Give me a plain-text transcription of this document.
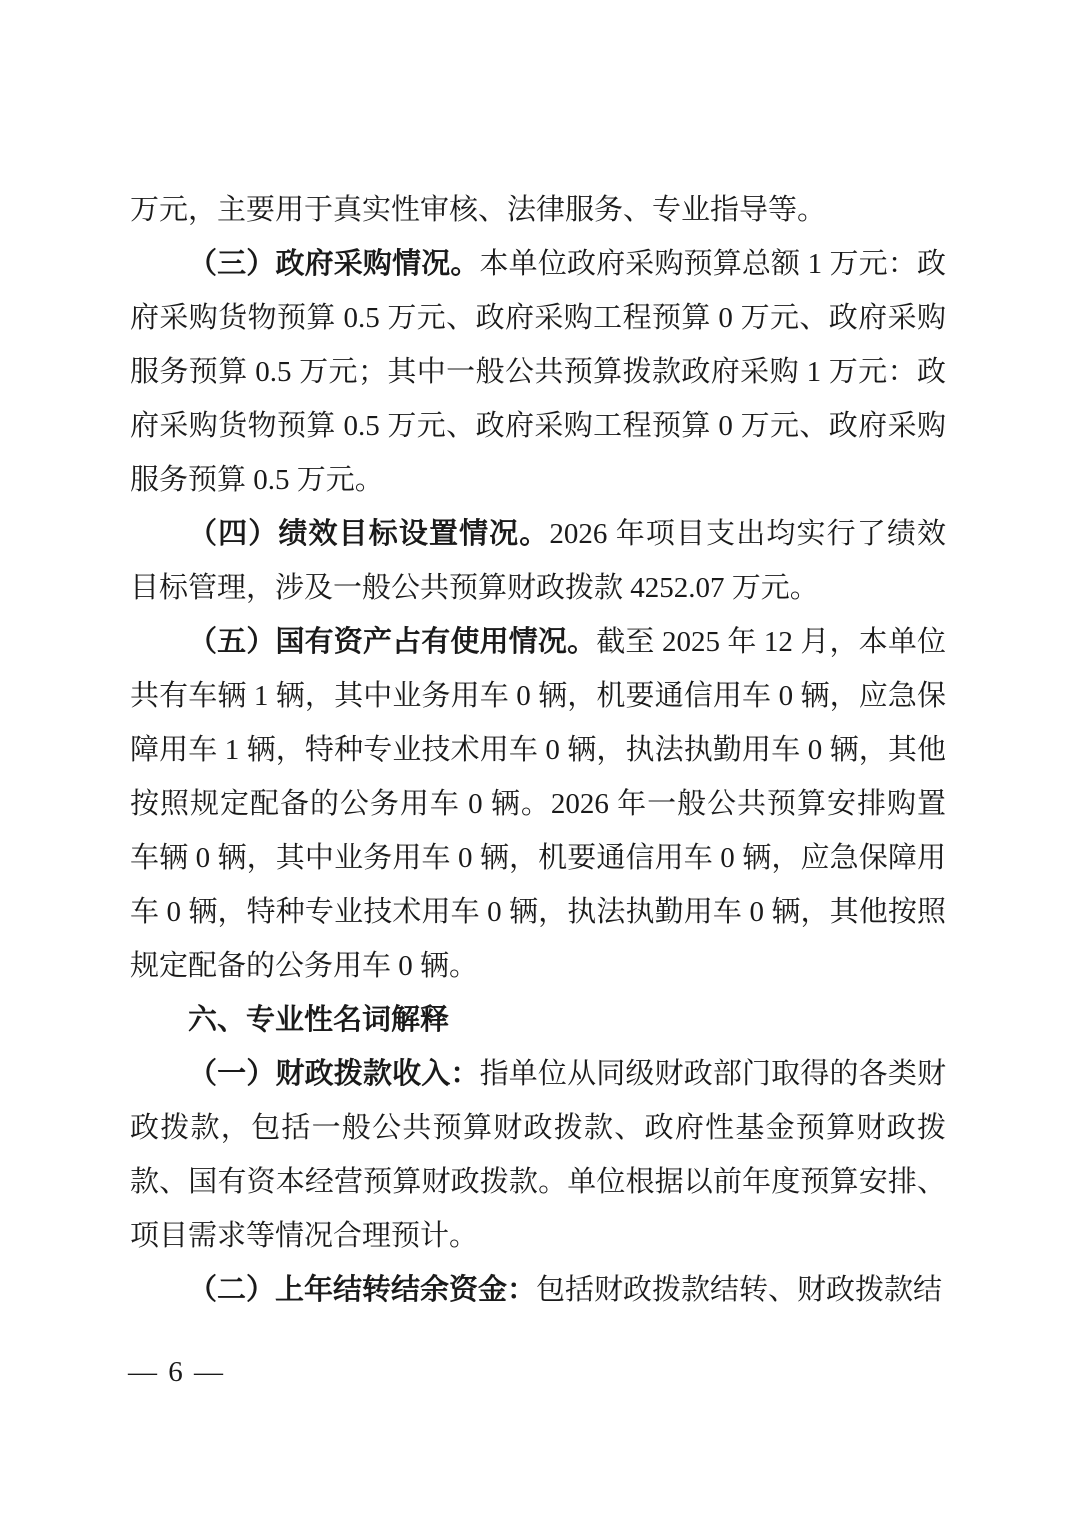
万元，主要用于真实性审核、法律服务、专业指导等。

（三）政府采购情况。本单位政府采购预算总额 1 万元：政府采购货物预算 0.5 万元、政府采购工程预算 0 万元、政府采购服务预算 0.5 万元；其中一般公共预算拨款政府采购 1 万元：政府采购货物预算 0.5 万元、政府采购工程预算 0 万元、政府采购服务预算 0.5 万元。

（四）绩效目标设置情况。2026 年项目支出均实行了绩效目标管理，涉及一般公共预算财政拨款 4252.07 万元。

（五）国有资产占有使用情况。截至 2025 年 12 月，本单位共有车辆 1 辆，其中业务用车 0 辆，机要通信用车 0 辆，应急保障用车 1 辆，特种专业技术用车 0 辆，执法执勤用车 0 辆，其他按照规定配备的公务用车 0 辆。2026 年一般公共预算安排购置车辆 0 辆，其中业务用车 0 辆，机要通信用车 0 辆，应急保障用车 0 辆，特种专业技术用车 0 辆，执法执勤用车 0 辆，其他按照规定配备的公务用车 0 辆。

六、专业性名词解释

（一）财政拨款收入：指单位从同级财政部门取得的各类财政拨款，包括一般公共预算财政拨款、政府性基金预算财政拨款、国有资本经营预算财政拨款。单位根据以前年度预算安排、项目需求等情况合理预计。

（二）上年结转结余资金：包括财政拨款结转、财政拨款结

— 6 —
